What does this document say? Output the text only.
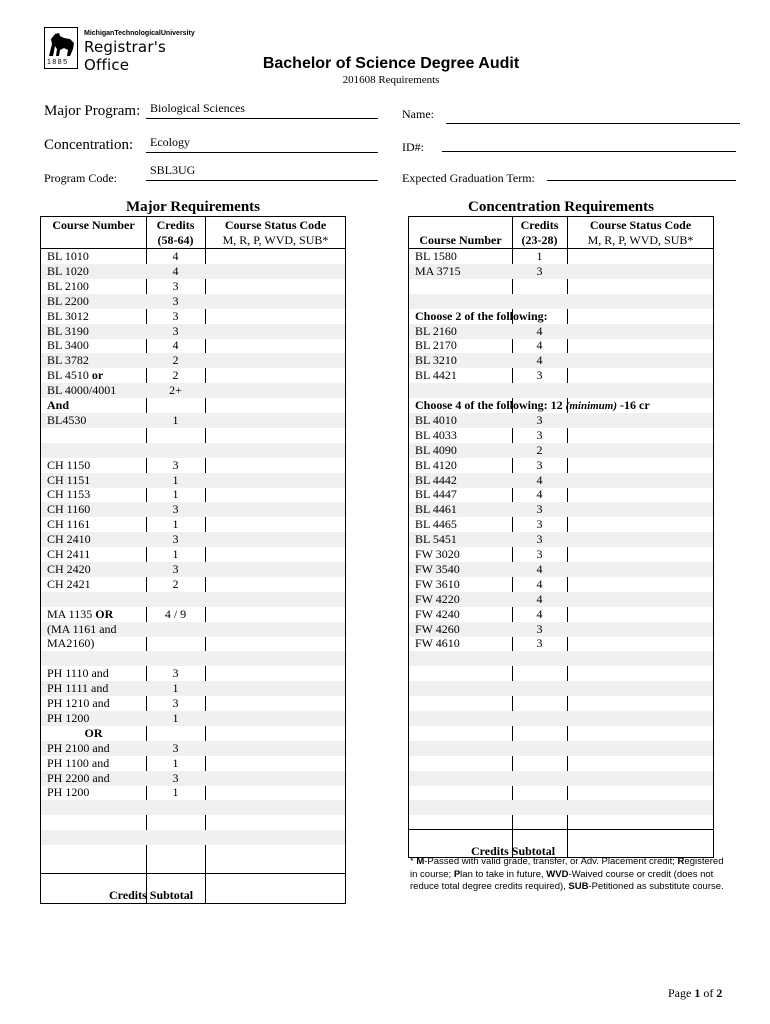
1885
MichiganTechnologicalUniversity
Registrar's Office	Bachelor of Science Degree Audit
201608 Requirements
Major Program: Biological Sciences
Concentration: Ecology
Program Code:
SBL3UG
Name:
ID#:
Expected Graduation Term:
Major Requirements
Course Number	Credits
(58-64)
Course Status Code
M, R, P, WVD, SUB*
BL 1010	4
BL 1020	4
BL 2100	3
BL 2200	3
BL 3012	3
BL 3190	3
BL 3400	4
BL 3782	2
BL 4510 or	2
BL 4000/4001	2+
And
BL4530	1
CH 1150	3
CH 1151	1
CH 1153	1
CH 1160	3
CH 1161	1
CH 2410	3
CH 2411	1
CH 2420	3
CH 2421	2
MA 1135 OR	4 / 9
(MA 1161 and
MA2160)
PH 1110 and	3
PH 1111 and	1
PH 1210 and	3
PH 1200	1
OR
PH 2100 and	3
PH 1100 and	1
PH 2200 and	3
PH 1200	1
Credits Subtotal
Concentration Requirements
Course Number
Credits
(23-28)
Course Status Code
M, R, P, WVD, SUB*
BL 1580	1
MA 3715	3
Choose 2 of the following:
BL 2160	4
BL 2170	4
BL 3210	4
BL 4421	3
Choose 4 of the following: 12 (minimum) -16 cr
BL 4010	3
BL 4033	3
BL 4090	2
BL 4120	3
BL 4442	4
BL 4447	4
BL 4461	3
BL 4465	3
BL 5451	3
FW 3020	3
FW 3540	4
FW 3610	4
FW 4220	4
FW 4240	4
FW 4260	3
FW 4610	3
Credits Subtotal
* M-Passed with valid grade, transfer, or Adv. Placement credit; Registered in course; Plan to take in future, WVD-Waived course or credit (does not reduce total degree credits required), SUB-Petitioned as substitute course.
Page 1 of 2
